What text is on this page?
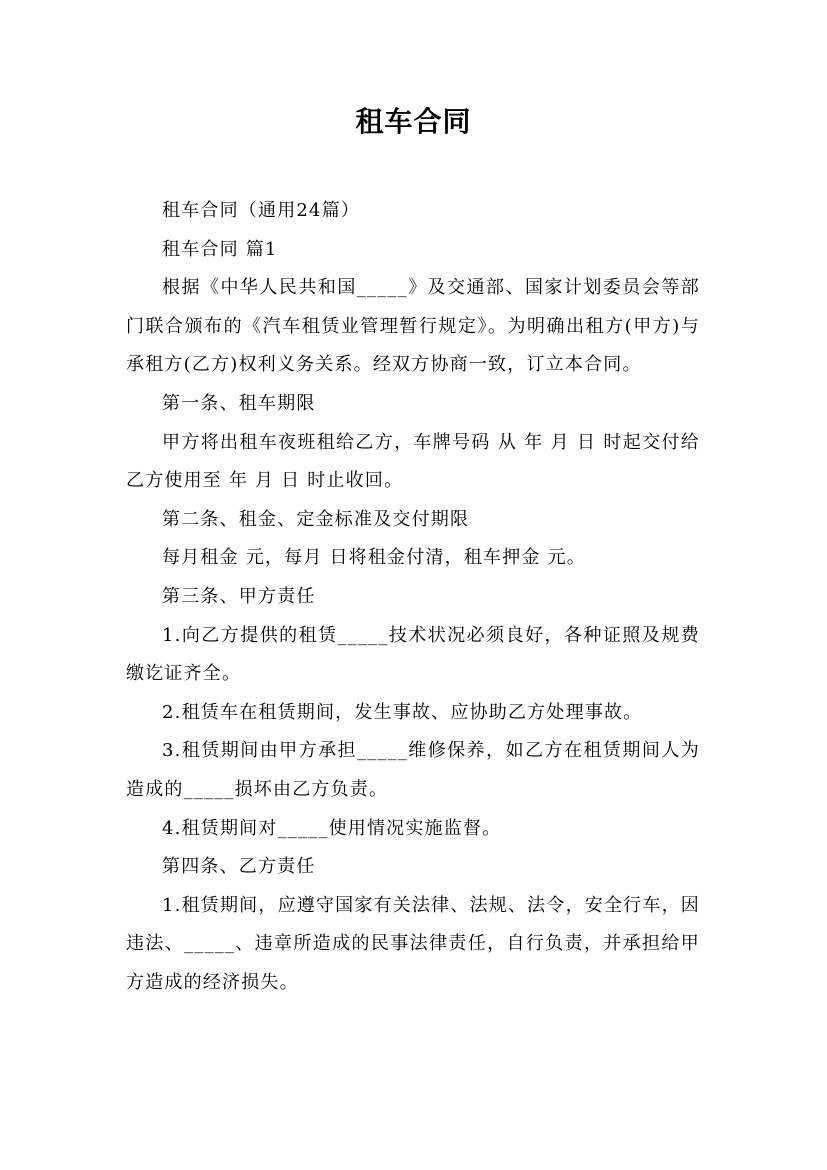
租车合同

租车合同（通用24篇）

租车合同 篇1

根据《中华人民共和国_____》及交通部、国家计划委员会等部门联合颁布的《汽车租赁业管理暂行规定》。为明确出租方(甲方)与承租方(乙方)权利义务关系。经双方协商一致，订立本合同。

第一条、租车期限

甲方将出租车夜班租给乙方，车牌号码 从 年 月 日 时起交付给乙方使用至 年 月 日 时止收回。

第二条、租金、定金标准及交付期限

每月租金 元，每月 日将租金付清，租车押金 元。

第三条、甲方责任

1.向乙方提供的租赁_____技术状况必须良好，各种证照及规费缴讫证齐全。

2.租赁车在租赁期间，发生事故、应协助乙方处理事故。

3.租赁期间由甲方承担_____维修保养，如乙方在租赁期间人为造成的_____损坏由乙方负责。

4.租赁期间对_____使用情况实施监督。

第四条、乙方责任

1.租赁期间，应遵守国家有关法律、法规、法令，安全行车，因违法、_____、违章所造成的民事法律责任，自行负责，并承担给甲方造成的经济损失。
